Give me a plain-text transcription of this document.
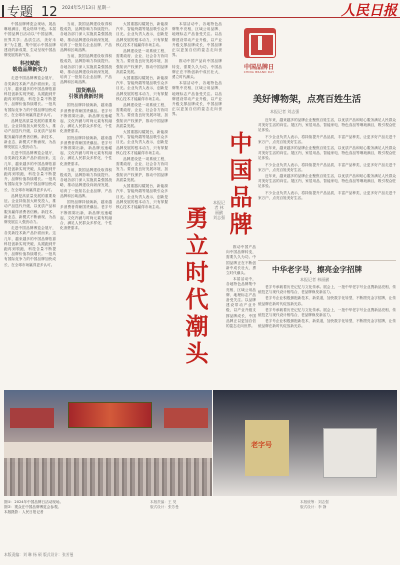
专题 12 2024年5月13日 星期一	人民日报

中国品牌博览会现场，展品琳琅满目，观众络绎不绝。本届中国品牌日活动以“中国品牌，世界共享；品质生活，美好未来”为主题，集中展示中国品牌建设的新成果，生动呈现中国品牌发展的新气象。

科技赋能
锻造品牌新实力

走进中国品牌博览会展厅，各类新技术新产品扑面而来。这几年，越来越多的中国品牌依靠科技创新实现突破，从跟跑到并跑再到领跑，科技含量不断提升，品牌价值持续增长。一批具有国际竞争力的中国品牌加快成长，在全球市场赢得更多认可。

品牌是高质量发展的重要象征。企业持续加大研发投入，推动产品迭代升级，以优质产品和服务赢得消费者信赖。新技术、新业态、新模式不断涌现，为品牌发展注入强劲动力。

走进中国品牌博览会展厅，各类新技术新产品扑面而来。这几年，越来越多的中国品牌依靠科技创新实现突破，从跟跑到并跑再到领跑，科技含量不断提升，品牌价值持续增长。一批具有国际竞争力的中国品牌加快成长，在全球市场赢得更多认可。

品牌是高质量发展的重要象征。企业持续加大研发投入，推动产品迭代升级，以优质产品和服务赢得消费者信赖。新技术、新业态、新模式不断涌现，为品牌发展注入强劲动力。

走进中国品牌博览会展厅，各类新技术新产品扑面而来。这几年，越来越多的中国品牌依靠科技创新实现突破，从跟跑到并跑再到领跑，科技含量不断提升，品牌价值持续增长。一批具有国际竞争力的中国品牌加快成长，在全球市场赢得更多认可。

当前，我国品牌建设取得积极成效，品牌影响力持续提升。各地各部门深入实施质量强国战略，推动品牌建设向纵深发展，培育了一批知名企业品牌、产品品牌和区域品牌。

当前，我国品牌建设取得积极成效，品牌影响力持续提升。各地各部门深入实施质量强国战略，推动品牌建设向纵深发展，培育了一批知名企业品牌、产品品牌和区域品牌。

国货潮品
引领消费新时尚

国货品牌持续焕新，越来越多消费者青睐国货潮品。老字号不断推陈出新，新品牌迅速崛起，文化内涵与时尚元素有机融合，满足人民群众多样化、个性化消费需求。

国货品牌持续焕新，越来越多消费者青睐国货潮品。老字号不断推陈出新，新品牌迅速崛起，文化内涵与时尚元素有机融合，满足人民群众多样化、个性化消费需求。

当前，我国品牌建设取得积极成效，品牌影响力持续提升。各地各部门深入实施质量强国战略，推动品牌建设向纵深发展，培育了一批知名企业品牌、产品品牌和区域品牌。

国货品牌持续焕新，越来越多消费者青睐国货潮品。老字号不断推陈出新，新品牌迅速崛起，文化内涵与时尚元素有机融合，满足人民群众多样化、个性化消费需求。

大国重器闪耀展台，新能源汽车、智能终端等展品吸引众多目光。企业负责人表示，创新是品牌发展的根本动力，只有掌握核心技术才能赢得市场主动。

品牌建设是一项系统工程，需要政府、企业、社会各方协同发力。要营造良好发展环境，加强知识产权保护，推动中国品牌高质量发展。

大国重器闪耀展台，新能源汽车、智能终端等展品吸引众多目光。企业负责人表示，创新是品牌发展的根本动力，只有掌握核心技术才能赢得市场主动。

品牌建设是一项系统工程，需要政府、企业、社会各方协同发力。要营造良好发展环境，加强知识产权保护，推动中国品牌高质量发展。

大国重器闪耀展台，新能源汽车、智能终端等展品吸引众多目光。企业负责人表示，创新是品牌发展的根本动力，只有掌握核心技术才能赢得市场主动。

品牌建设是一项系统工程，需要政府、企业、社会各方协同发力。要营造良好发展环境，加强知识产权保护，推动中国品牌高质量发展。

大国重器闪耀展台，新能源汽车、智能终端等展品吸引众多目光。企业负责人表示，创新是品牌发展的根本动力，只有掌握核心技术才能赢得市场主动。

本届活动中，各地特色品牌集中亮相，区域公用品牌、地理标志产品备受关注。以品牌建设带动产业升级，以产业升级支撑品牌成长，中国品牌正以更加自信的姿态走向世界。

推动中国产品向中国品牌转变，需要久久为功。中国品牌正在不断创新中成长壮大，勇立时代潮头。

本届活动中，各地特色品牌集中亮相，区域公用品牌、地理标志产品备受关注。以品牌建设带动产业升级，以产业升级支撑品牌成长，中国品牌正以更加自信的姿态走向世界。

中国品牌日
CHINA BRAND DAY
中国品牌
勇立时代潮头
本报记者 林丽鹂 刘志强
美好博物架，点亮百姓生活
本报记者 刘志强

近年来，越来越多的品牌企业聚焦百姓生活，以优质产品和贴心服务满足人民群众对美好生活的向往。展区内，家居用品、智能家电、特色食品等琳琅满目，吸引观众驻足体验。

不少企业负责人表示，将持续提升产品品质，丰富产品种类，让更多好产品走进千家万户，点亮百姓美好生活。

近年来，越来越多的品牌企业聚焦百姓生活，以优质产品和贴心服务满足人民群众对美好生活的向往。展区内，家居用品、智能家电、特色食品等琳琅满目，吸引观众驻足体验。

不少企业负责人表示，将持续提升产品品质，丰富产品种类，让更多好产品走进千家万户，点亮百姓美好生活。

近年来，越来越多的品牌企业聚焦百姓生活，以优质产品和贴心服务满足人民群众对美好生活的向往。展区内，家居用品、智能家电、特色食品等琳琅满目，吸引观众驻足体验。

不少企业负责人表示，将持续提升产品品质，丰富产品种类，让更多好产品走进千家万户，点亮百姓美好生活。

中华老字号，擦亮金字招牌
本报记者 林丽鹂

老字号承载着历史记忆与文化传承。展会上，一批中华老字号企业携新品亮相，传统技艺与现代设计相结合，老品牌焕发新活力。

老字号企业积极拥抱新技术、新渠道，加快数字化转型，不断擦亮金字招牌，让传统品牌在新时代绽放新光彩。

老字号承载着历史记忆与文化传承。展会上，一批中华老字号企业携新品亮相，传统技艺与现代设计相结合，老品牌焕发新活力。

老字号企业积极拥抱新技术、新渠道，加快数字化转型，不断擦亮金字招牌，让传统品牌在新时代绽放新光彩。

推动中国产品向中国品牌转变，需要久久为功。中国品牌正在不断创新中成长壮大，勇立时代潮头。

本届活动中，各地特色品牌集中亮相，区域公用品牌、地理标志产品备受关注。以品牌建设带动产业升级，以产业升级支撑品牌成长，中国品牌正以更加自信的姿态走向世界。

老字号
图①：2024年中国品牌日活动现场。
图②：观众在中国品牌博览会参观。
本版摄影：人民日报记者
本版责编：王 昊
版式设计：张芳曼
本版统筹：刘志强
版式设计：李 静
本版责编：刘 琳 杨 硕 版式设计：张芳曼
